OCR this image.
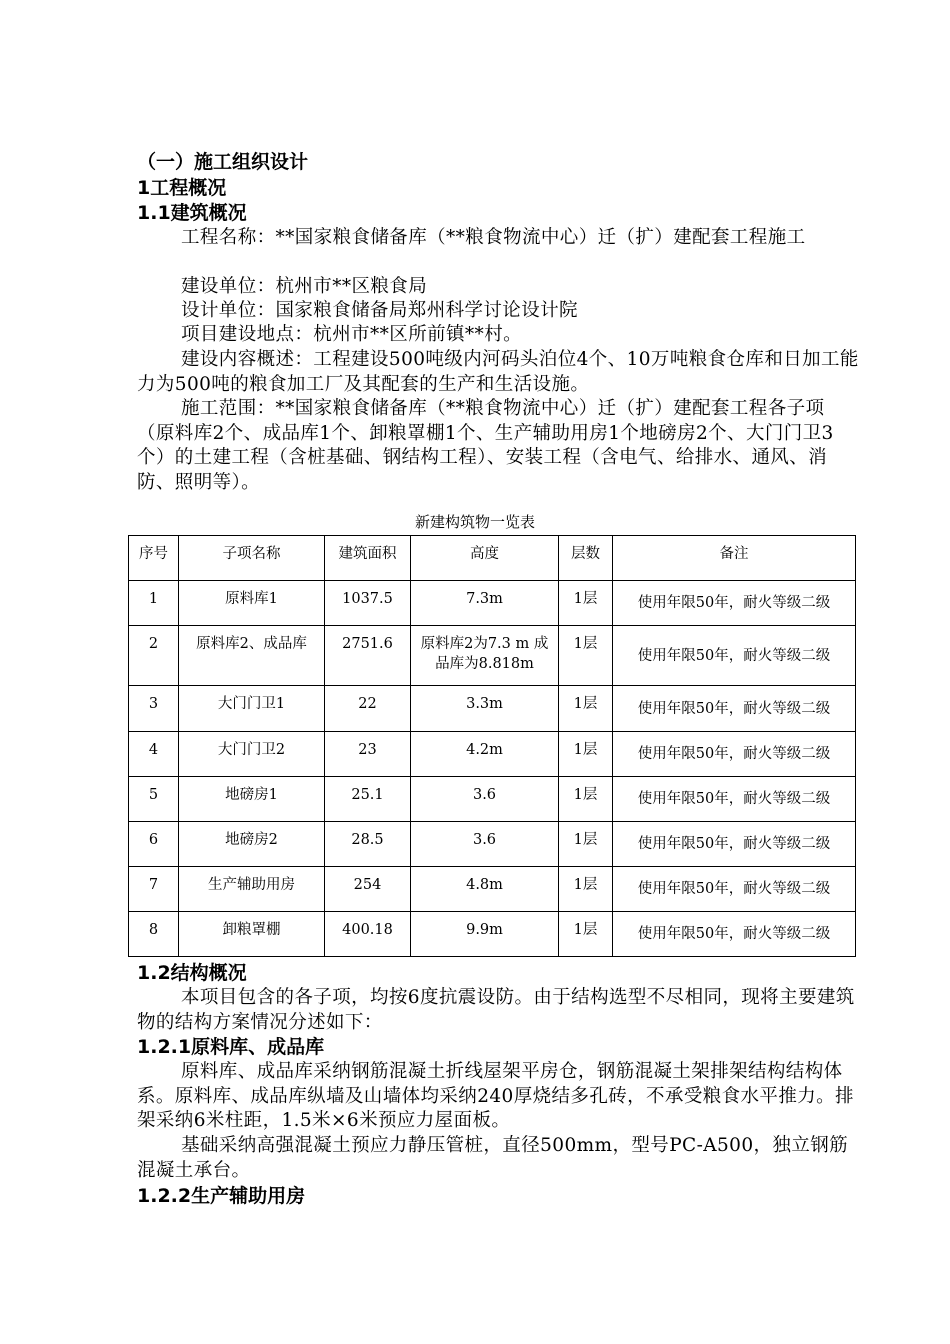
（一）施工组织设计
1工程概况
1.1建筑概况

工程名称：**国家粮食储备库（**粮食物流中心）迁（扩）建配套工程施工

建设单位：杭州市**区粮食局

设计单位：国家粮食储备局郑州科学讨论设计院

项目建设地点：杭州市**区所前镇**村。

建设内容概述：工程建设500吨级内河码头泊位4个、10万吨粮食仓库和日加工能力为500吨的粮食加工厂及其配套的生产和生活设施。

施工范围：**国家粮食储备库（**粮食物流中心）迁（扩）建配套工程各子项（原料库2个、成品库1个、卸粮罩棚1个、生产辅助用房1个地磅房2个、大门门卫3个）的土建工程（含桩基础、钢结构工程）、安装工程（含电气、给排水、通风、消防、照明等）。

新建构筑物一览表
序号	子项名称	建筑面积	高度	层数	备注
1	原料库1	1037.5	7.3m	1层	使用年限50年，耐火等级二级
2	原料库2、成品库	2751.6	原料库2为7.3 m 成品库为8.818m	1层	使用年限50年，耐火等级二级
3	大门门卫1	22	3.3m	1层	使用年限50年，耐火等级二级
4	大门门卫2	23	4.2m	1层	使用年限50年，耐火等级二级
5	地磅房1	25.1	3.6	1层	使用年限50年，耐火等级二级
6	地磅房2	28.5	3.6	1层	使用年限50年，耐火等级二级
7	生产辅助用房	254	4.8m	1层	使用年限50年，耐火等级二级
8	卸粮罩棚	400.18	9.9m	1层	使用年限50年，耐火等级二级
1.2结构概况

本项目包含的各子项，均按6度抗震设防。由于结构选型不尽相同，现将主要建筑物的结构方案情况分述如下：

1.2.1原料库、成品库

原料库、成品库采纳钢筋混凝土折线屋架平房仓，钢筋混凝土架排架结构结构体系。原料库、成品库纵墙及山墙体均采纳240厚烧结多孔砖，不承受粮食水平推力。排架采纳6米柱距，1.5米×6米预应力屋面板。

基础采纳高强混凝土预应力静压管桩，直径500mm，型号PC-A500，独立钢筋混凝土承台。

1.2.2生产辅助用房
